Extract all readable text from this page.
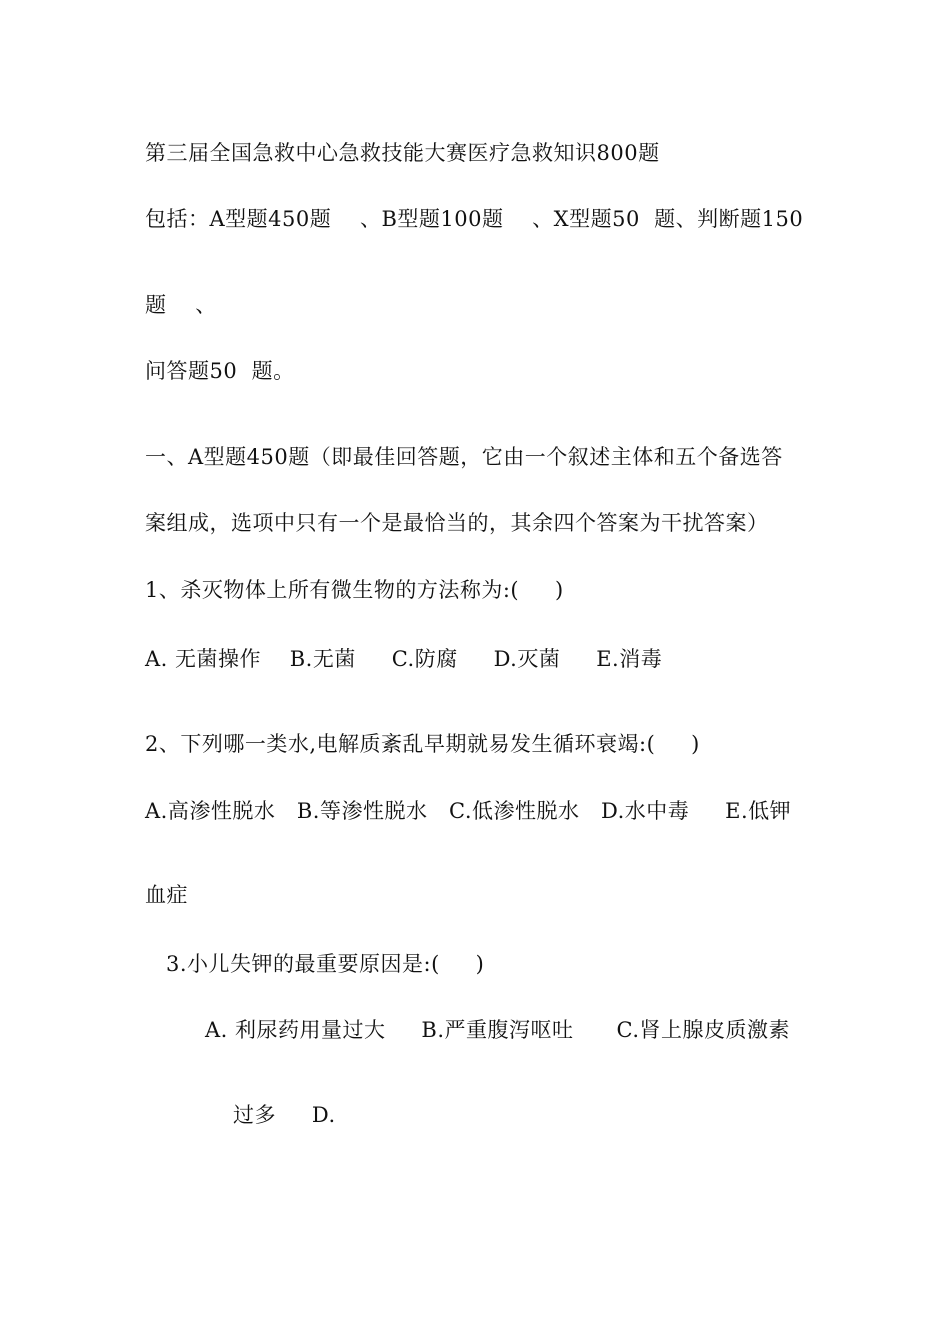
第三届全国急救中心急救技能大赛医疗急救知识800题
包括：A型题450题    、B型题100题    、X型题50  题、判断题150
题    、
问答题50  题。
一、A型题450题（即最佳回答题，它由一个叙述主体和五个备选答
案组成，选项中只有一个是最恰当的，其余四个答案为干扰答案）
1、杀灭物体上所有微生物的方法称为:(     )
A. 无菌操作    B.无菌     C.防腐     D.灭菌     E.消毒
2、下列哪一类水,电解质紊乱早期就易发生循环衰竭:(     )
A.高渗性脱水   B.等渗性脱水   C.低渗性脱水   D.水中毒     E.低钾
血症
3.小儿失钾的最重要原因是:(     )
A. 利尿药用量过大     B.严重腹泻呕吐      C.肾上腺皮质激素
过多     D.
